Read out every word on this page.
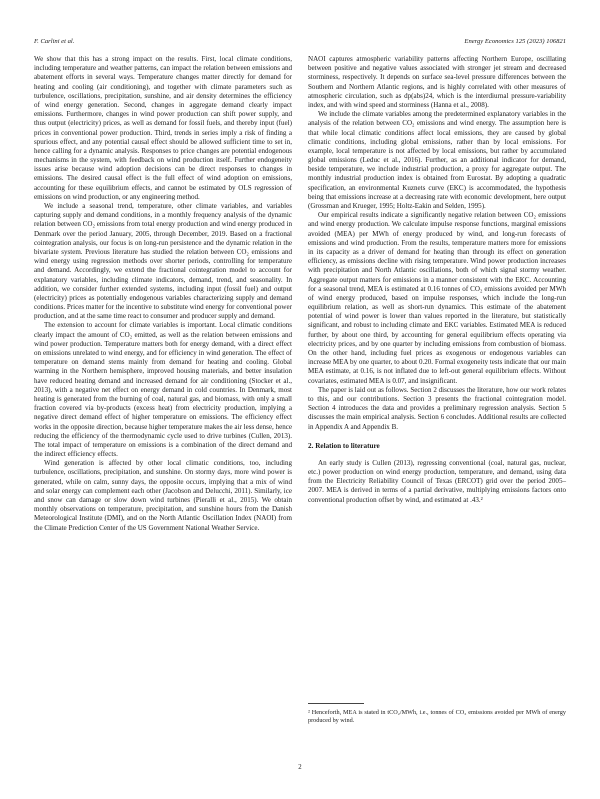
F. Carlini et al.	Energy Economics 125 (2023) 106821

We show that this has a strong impact on the results. First, local climate conditions, including temperature and weather patterns, can impact the relation between emissions and abatement efforts in several ways. Temperature changes matter directly for demand for heating and cooling (air conditioning), and together with climate parameters such as turbulence, oscillations, precipitation, sunshine, and air density determines the efficiency of wind energy generation. Second, changes in aggregate demand clearly impact emissions. Furthermore, changes in wind power production can shift power supply, and thus output (electricity) prices, as well as demand for fossil fuels, and thereby input (fuel) prices in conventional power production. Third, trends in series imply a risk of finding a spurious effect, and any potential causal effect should be allowed sufficient time to set in, hence calling for a dynamic analysis. Responses to price changes are potential endogenous mechanisms in the system, with feedback on wind production itself. Further endogeneity issues arise because wind adoption decisions can be direct responses to changes in emissions. The desired causal effect is the full effect of wind adoption on emissions, accounting for these equilibrium effects, and cannot be estimated by OLS regression of emissions on wind production, or any engineering method.

We include a seasonal trend, temperature, other climate variables, and variables capturing supply and demand conditions, in a monthly frequency analysis of the dynamic relation between CO₂ emissions from total energy production and wind energy produced in Denmark over the period January, 2005, through December, 2019. Based on a fractional cointegration analysis, our focus is on long-run persistence and the dynamic relation in the bivariate system. Previous literature has studied the relation between CO₂ emissions and wind energy using regression methods over shorter periods, controlling for temperature and demand. Accordingly, we extend the fractional cointegration model to account for explanatory variables, including climate indicators, demand, trend, and seasonality. In addition, we consider further extended systems, including input (fossil fuel) and output (electricity) prices as potentially endogenous variables characterizing supply and demand conditions. Prices matter for the incentive to substitute wind energy for conventional power production, and at the same time react to consumer and producer supply and demand.

The extension to account for climate variables is important. Local climatic conditions clearly impact the amount of CO₂ emitted, as well as the relation between emissions and wind power production. Temperature matters both for energy demand, with a direct effect on emissions unrelated to wind energy, and for efficiency in wind generation. The effect of temperature on demand stems mainly from demand for heating and cooling. Global warming in the Northern hemisphere, improved housing materials, and better insulation have reduced heating demand and increased demand for air conditioning (Stocker et al., 2013), with a negative net effect on energy demand in cold countries. In Denmark, most heating is generated from the burning of coal, natural gas, and biomass, with only a small fraction covered via by-products (excess heat) from electricity production, implying a negative direct demand effect of higher temperature on emissions. The efficiency effect works in the opposite direction, because higher temperature makes the air less dense, hence reducing the efficiency of the thermodynamic cycle used to drive turbines (Cullen, 2013). The total impact of temperature on emissions is a combination of the direct demand and the indirect efficiency effects.

Wind generation is affected by other local climatic conditions, too, including turbulence, oscillations, precipitation, and sunshine. On stormy days, more wind power is generated, while on calm, sunny days, the opposite occurs, implying that a mix of wind and solar energy can complement each other (Jacobson and Delucchi, 2011). Similarly, ice and snow can damage or slow down wind turbines (Pieralli et al., 2015). We obtain monthly observations on temperature, precipitation, and sunshine hours from the Danish Meteorological Institute (DMI), and on the North Atlantic Oscillation Index (NAOI) from the Climate Prediction Center of the US Government National Weather Service.

NAOI captures atmospheric variability patterns affecting Northern Europe, oscillating between positive and negative values associated with stronger jet stream and decreased storminess, respectively. It depends on surface sea-level pressure differences between the Southern and Northern Atlantic regions, and is highly correlated with other measures of atmospheric circulation, such as dp(abs)24, which is the interdiurnal pressure-variability index, and with wind speed and storminess (Hanna et al., 2008).

We include the climate variables among the predetermined explanatory variables in the analysis of the relation between CO₂ emissions and wind energy. The assumption here is that while local climatic conditions affect local emissions, they are caused by global climatic conditions, including global emissions, rather than by local emissions. For example, local temperature is not affected by local emissions, but rather by accumulated global emissions (Leduc et al., 2016). Further, as an additional indicator for demand, beside temperature, we include industrial production, a proxy for aggregate output. The monthly industrial production index is obtained from Eurostat. By adopting a quadratic specification, an environmental Kuznets curve (EKC) is accommodated, the hypothesis being that emissions increase at a decreasing rate with economic development, here output (Grossman and Krueger, 1995; Holtz-Eakin and Selden, 1995).

Our empirical results indicate a significantly negative relation between CO₂ emissions and wind energy production. We calculate impulse response functions, marginal emissions avoided (MEA) per MWh of energy produced by wind, and long-run forecasts of emissions and wind production. From the results, temperature matters more for emissions in its capacity as a driver of demand for heating than through its effect on generation efficiency, as emissions decline with rising temperature. Wind power production increases with precipitation and North Atlantic oscillations, both of which signal stormy weather. Aggregate output matters for emissions in a manner consistent with the EKC. Accounting for a seasonal trend, MEA is estimated at 0.16 tonnes of CO₂ emissions avoided per MWh of wind energy produced, based on impulse responses, which include the long-run equilibrium relation, as well as short-run dynamics. This estimate of the abatement potential of wind power is lower than values reported in the literature, but statistically significant, and robust to including climate and EKC variables. Estimated MEA is reduced further, by about one third, by accounting for general equilibrium effects operating via electricity prices, and by one quarter by including emissions from combustion of biomass. On the other hand, including fuel prices as exogenous or endogenous variables can increase MEA by one quarter, to about 0.20. Formal exogeneity tests indicate that our main MEA estimate, at 0.16, is not inflated due to left-out general equilibrium effects. Without covariates, estimated MEA is 0.07, and insignificant.

The paper is laid out as follows. Section 2 discusses the literature, how our work relates to this, and our contributions. Section 3 presents the fractional cointegration model. Section 4 introduces the data and provides a preliminary regression analysis. Section 5 discusses the main empirical analysis. Section 6 concludes. Additional results are collected in Appendix A and Appendix B.

2. Relation to literature

An early study is Cullen (2013), regressing conventional (coal, natural gas, nuclear, etc.) power production on wind energy production, temperature, and demand, using data from the Electricity Reliability Council of Texas (ERCOT) grid over the period 2005–2007. MEA is derived in terms of a partial derivative, multiplying emissions factors onto conventional production offset by wind, and estimated at .43.²

² Henceforth, MEA is stated in tCO₂/MWh, i.e., tonnes of CO₂ emissions avoided per MWh of energy produced by wind.
2
